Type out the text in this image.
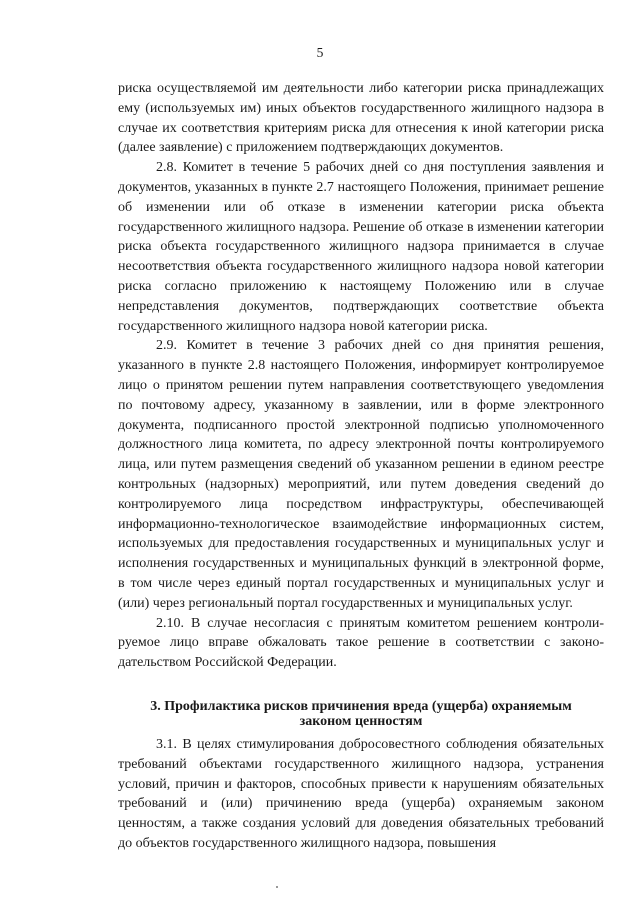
5

риска осуществляемой им деятельности либо категории риска принадлежащих ему (используемых им) иных объектов государственного жилищного надзора в случае их соответствия критериям риска для отнесения к иной категории риска (далее заявление) с приложением подтверждающих документов.

2.8. Комитет в течение 5 рабочих дней со дня поступления заявления и документов, указанных в пункте 2.7 настоящего Положения, принимает решение об изменении или об отказе в изменении категории риска объекта государственного жилищного надзора. Решение об отказе в изменении категории риска объекта государственного жилищного надзора принимается в случае несоответствия объекта государственного жилищного надзора новой категории риска согласно приложению к настоящему Положению или в случае непредставления документов, подтверждающих соответствие объекта государственного жилищного надзора новой категории риска.

2.9. Комитет в течение 3 рабочих дней со дня принятия решения, указанного в пункте 2.8 настоящего Положения, информирует контролируемое лицо о принятом решении путем направления соответствующего уведомления по почтовому адресу, указанному в заявлении, или в форме электронного документа, подписанного простой электронной подписью уполномоченного должностного лица комитета, по адресу электронной почты контролируемого лица, или путем размещения сведений об указанном решении в едином реестре контрольных (надзорных) мероприятий, или путем доведения сведений до контролируемого лица посредством инфраструктуры, обеспечивающей информационно-технологическое взаимодействие информационных систем, используемых для предоставления государственных и муниципальных услуг и исполнения государственных и муниципальных функций в электронной форме, в том числе через единый портал государственных и муниципальных услуг и (или) через региональный портал государственных и муниципальных услуг.

2.10. В случае несогласия с принятым комитетом решением контролируемое лицо вправе обжаловать такое решение в соответствии с законодательством Российской Федерации.

3. Профилактика рисков причинения вреда (ущерба) охраняемым
законом ценностям

3.1. В целях стимулирования добросовестного соблюдения обязательных требований объектами государственного жилищного надзора, устранения условий, причин и факторов, способных привести к нарушениям обязательных требований и (или) причинению вреда (ущерба) охраняемым законом ценностям, а также создания условий для доведения обязательных требований до объектов государственного жилищного надзора, повышения
